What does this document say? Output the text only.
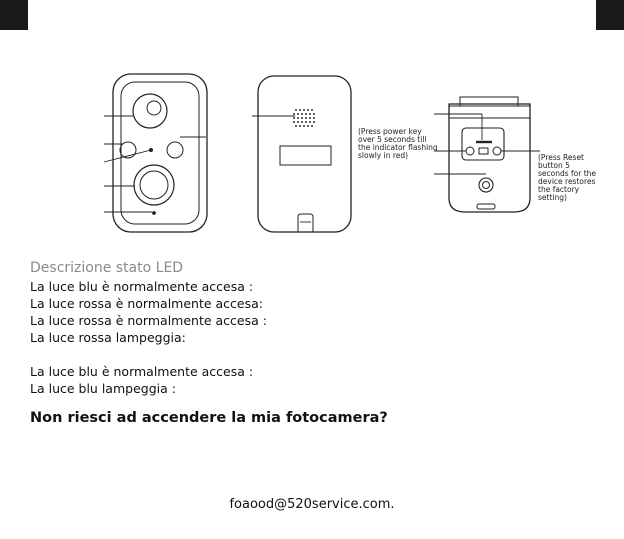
(Press power key
over 5 seconds till
the indicator flashing
slowly in red)	(Press Reset
button 5
seconds for the
device restores
the factory
setting)

Descrizione stato LED
La luce blu è normalmente accesa :
La luce rossa è normalmente accesa:
La luce rossa è normalmente accesa :
La luce rossa lampeggia:
La luce blu è normalmente accesa :
La luce blu lampeggia :
Non riesci ad accendere la mia fotocamera?
foaood@520service.com.
